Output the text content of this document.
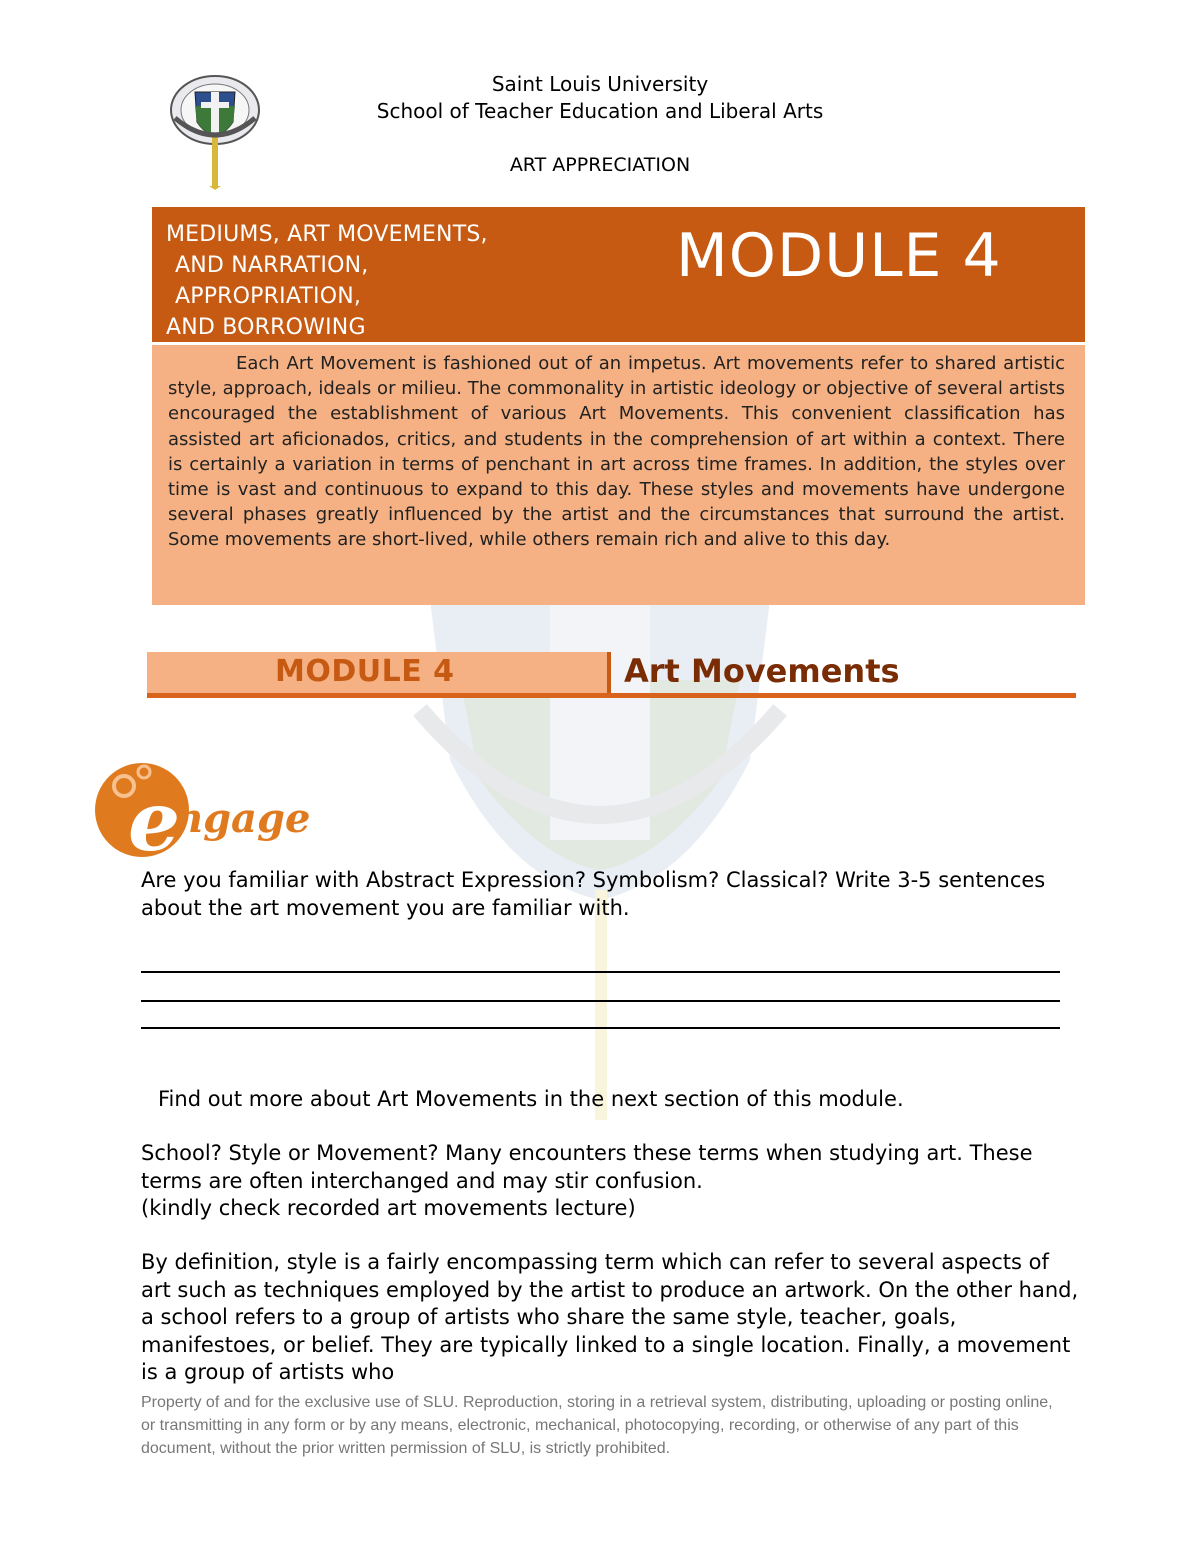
Saint Louis University
School of Teacher Education and Liberal Arts
ART APPRECIATION
MEDIUMS, ART MOVEMENTS,
AND NARRATION,
APPROPRIATION,
AND BORROWING
MODULE 4
Each Art Movement is fashioned out of an impetus. Art movements refer to shared artistic style, approach, ideals or milieu. The commonality in artistic ideology or objective of several artists encouraged the establishment of various Art Movements. This convenient classification has assisted art aficionados, critics, and students in the comprehension of art within a context. There is certainly a variation in terms of penchant in art across time frames. In addition, the styles over time is vast and continuous to expand to this day. These styles and movements have undergone several phases greatly influenced by the artist and the circumstances that surround the artist. Some movements are short-lived, while others remain rich and alive to this day.
MODULE 4	Art Movements
e
ngage
Are you familiar with Abstract Expression? Symbolism? Classical? Write 3-5 sentences about the art movement you are familiar with.
Find out more about Art Movements in the next section of this module.
School? Style or Movement? Many encounters these terms when studying art. These terms are often interchanged and may stir confusion.
(kindly check recorded art movements lecture)
By definition, style is a fairly encompassing term which can refer to several aspects of art such as techniques employed by the artist to produce an artwork. On the other hand, a school refers to a group of artists who share the same style, teacher, goals, manifestoes, or belief. They are typically linked to a single location. Finally, a movement is a group of artists who
Property of and for the exclusive use of SLU. Reproduction, storing in a retrieval system, distributing, uploading or posting online, or transmitting in any form or by any means, electronic, mechanical, photocopying, recording, or otherwise of any part of this document, without the prior written permission of SLU, is strictly prohibited.
